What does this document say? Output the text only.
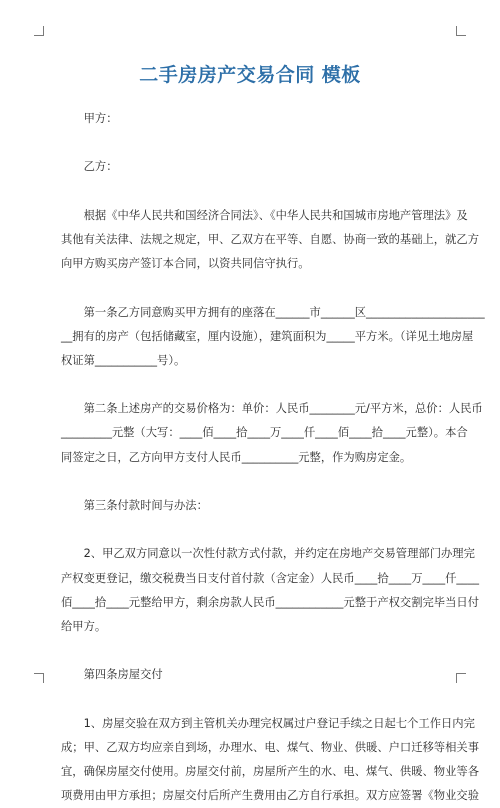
二手房房产交易合同 模板
　　甲方：
　　乙方：
　　根据《中华人民共和国经济合同法》、《中华人民共和国城市房地产管理法》及
其他有关法律、法规之规定，甲、乙双方在平等、自愿、协商一致的基础上，就乙方
向甲方购买房产签订本合同，以资共同信守执行。
　　第一条乙方同意购买甲方拥有的座落在______市______区_____________________
__拥有的房产（包括储藏室，厘内设施），建筑面积为_____平方米。（详见土地房屋
权证第___________号）。
　　第二条上述房产的交易价格为：单价：人民币________元/平方米，总价：人民币
_________元整（大写：____佰____拾____万____仟____佰____拾____元整）。本合
同签定之日，乙方向甲方支付人民币__________元整，作为购房定金。
　　第三条付款时间与办法：
　　2、甲乙双方同意以一次性付款方式付款，并约定在房地产交易管理部门办理完
产权变更登记，缴交税费当日支付首付款（含定金）人民币____拾____万____仟____
佰____拾____元整给甲方，剩余房款人民币____________元整于产权交割完毕当日付
给甲方。
　　第四条房屋交付
　　1、房屋交验在双方到主管机关办理完权属过户登记手续之日起七个工作日内完
成；甲、乙双方均应亲自到场，办理水、电、煤气、物业、供暖、户口迁移等相关事
宜，确保房屋交付使用。房屋交付前，房屋所产生的水、电、煤气、供暖、物业等各
项费用由甲方承担；房屋交付后所产生费用由乙方自行承担。双方应签署《物业交验
